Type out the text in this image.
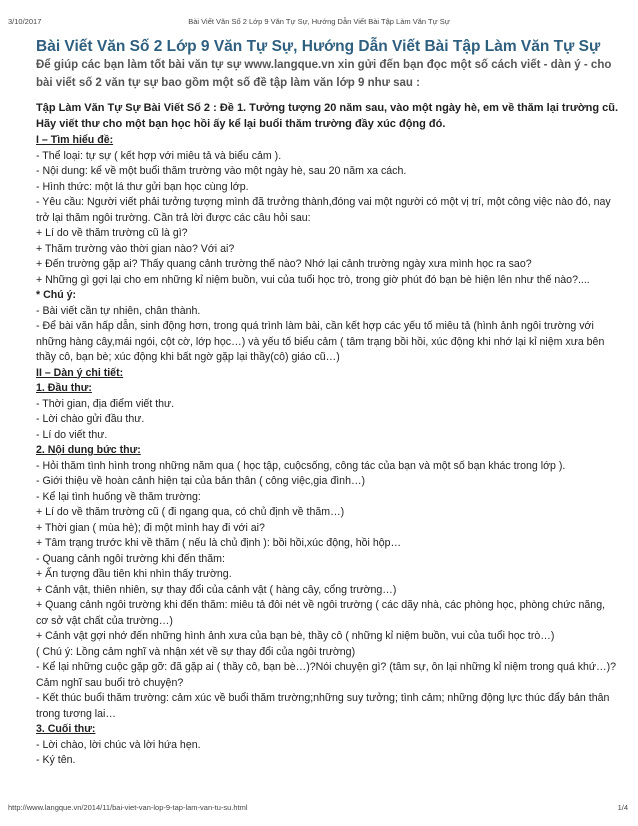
3/10/2017	Bài Viết Văn Số 2 Lớp 9 Văn Tự Sự, Hướng Dẫn Viết Bài Tập Làm Văn Tự Sự
Bài Viết Văn Số 2 Lớp 9 Văn Tự Sự, Hướng Dẫn Viết Bài Tập Làm Văn Tự Sự
Để giúp các bạn làm tốt bài văn tự sự www.langque.vn xin gửi đến bạn đọc một số cách viết - dàn ý - cho bài viết số 2 văn tự sự bao gồm một số đề tập làm văn lớp 9 như sau :

Tập Làm Văn Tự Sự Bài Viết Số 2 : Đề 1. Tưởng tượng 20 năm sau, vào một ngày hè, em về thăm lại trường cũ. Hãy viết thư cho một bạn học hồi ấy kể lại buổi thăm trường đầy xúc động đó.

I – Tìm hiểu đề:

- Thể loại: tự sự ( kết hợp với miêu tả và biểu cảm ).

- Nội dung: kể về một buổi thăm trường vào một ngày hè, sau 20 năm xa cách.

- Hình thức: một lá thư gửi bạn học cùng lớp.

- Yêu cầu: Người viết phải tưởng tượng mình đã trưởng thành,đóng vai một người có một vị trí, một công việc nào đó, nay trở lại thăm ngôi trường. Cần trả lời được các câu hỏi sau:

+ Lí do về thăm trường cũ là gì?

+ Thăm trường vào thời gian nào? Với ai?

+ Đến trường gặp ai? Thấy quang cảnh trường thế nào? Nhớ lại cảnh trường ngày xưa mình học ra sao?

+ Những gì gợi lại cho em những kỉ niệm buồn, vui của tuổi học trò, trong giờ phút đó bạn bè hiện lên như thế nào?....

* Chú ý:

- Bài viết cần tự nhiên, chân thành.

- Để bài văn hấp dẫn, sinh động hơn, trong quá trình làm bài, cần kết hợp các yếu tố miêu tả (hình ảnh ngôi trường với những hàng cây,mái ngói, cột cờ, lớp học…) và yếu tố biểu cảm ( tâm trạng bồi hồi, xúc động khi nhớ lại kỉ niệm xưa bên thầy cô, bạn bè; xúc động khi bất ngờ gặp lại thầy(cô) giáo cũ…)

II – Dàn ý chi tiết:

1. Đầu thư:

- Thời gian, địa điểm viết thư.

- Lời chào gửi đầu thư.

- Lí do viết thư.

2. Nội dung bức thư:

- Hỏi thăm tình hình trong những năm qua ( học tập, cuộcsống, công tác của bạn và một số bạn khác trong lớp ).

- Giới thiệu về hoàn cảnh hiện tại của bản thân ( công việc,gia đình…)

- Kể lại tình huống về thăm trường:

+ Lí do về thăm trường cũ ( đi ngang qua, có chủ định về thăm…)

+ Thời gian ( mùa hè); đi một mình hay đi với ai?

+ Tâm trạng trước khi về thăm ( nếu là chủ định ): bồi hồi,xúc động, hồi hộp…

- Quang cảnh ngôi trường khi đến thăm:

+ Ấn tượng đầu tiên khi nhìn thấy trường.

+ Cảnh vật, thiên nhiên, sự thay đổi của cảnh vật ( hàng cây, cổng trường…)

+ Quang cảnh ngôi trường khi đến thăm: miêu tả đôi nét về ngôi trường ( các dãy nhà, các phòng học, phòng chức năng, cơ sở vật chất của trường…)

+ Cảnh vật gợi nhớ đến những hình ảnh xưa của bạn bè, thầy cô ( những kỉ niệm buồn, vui của tuổi học trò…)

( Chú ý: Lồng cảm nghĩ và nhận xét về sự thay đổi của ngôi trường)

- Kể lại những cuộc gặp gỡ: đã gặp ai ( thầy cô, bạn bè…)?Nói chuyện gì? (tâm sự, ôn lại những kỉ niệm trong quá khứ…)? Cảm nghĩ sau buổi trò chuyện?

- Kết thúc buổi thăm trường: cảm xúc về buổi thăm trường;những suy tưởng; tình cảm; những động lực thúc đẩy bản thân trong tương lai…

3. Cuối thư:

- Lời chào, lời chúc và lời hứa hẹn.

- Ký tên.

http://www.langque.vn/2014/11/bai-viet-van-lop-9-tap-lam-van-tu-su.html	1/4
